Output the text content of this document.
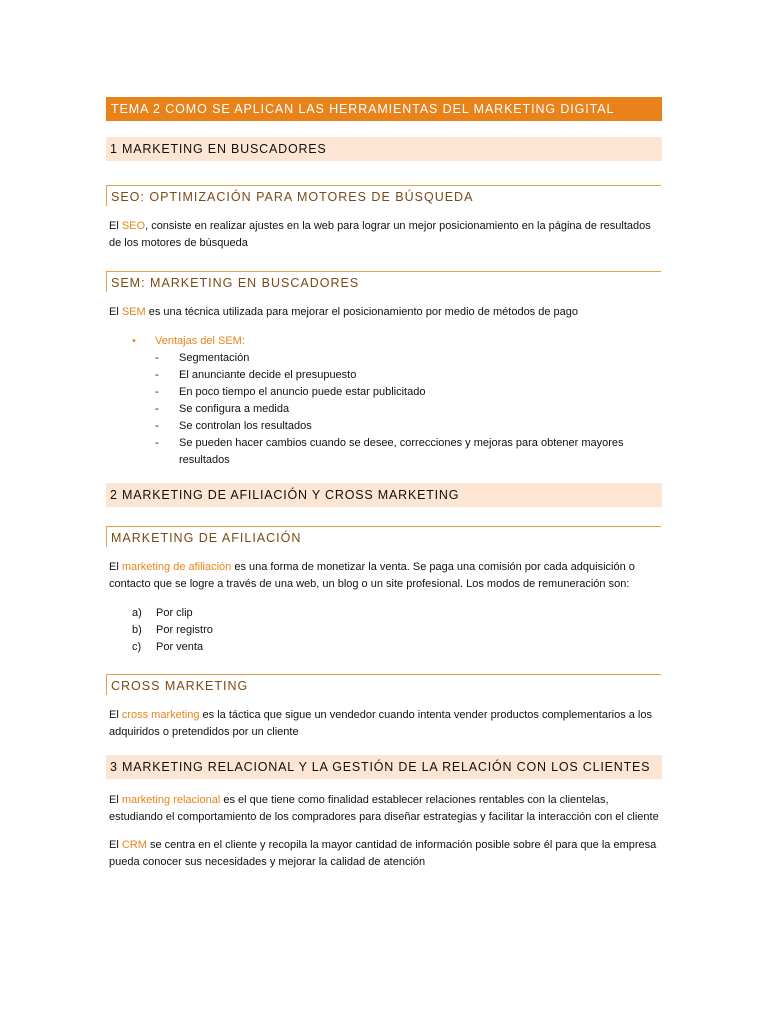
TEMA 2 COMO SE APLICAN LAS HERRAMIENTAS DEL MARKETING DIGITAL
1 MARKETING EN BUSCADORES
SEO: OPTIMIZACIÓN PARA MOTORES DE BÚSQUEDA

El SEO, consiste en realizar ajustes en la web para lograr un mejor posicionamiento en la página de resultados de los motores de búsqueda

SEM: MARKETING EN BUSCADORES

El SEM es una técnica utilizada para mejorar el posicionamiento por medio de métodos de pago

• Ventajas del SEM:
- Segmentación
- El anunciante decide el presupuesto
- En poco tiempo el anuncio puede estar publicitado
- Se configura a medida
- Se controlan los resultados
- Se pueden hacer cambios cuando se desee, correcciones y mejoras para obtener mayores resultados
2 MARKETING DE AFILIACIÓN Y CROSS MARKETING
MARKETING DE AFILIACIÓN

El marketing de afiliación es una forma de monetizar la venta. Se paga una comisión por cada adquisición o contacto que se logre a través de una web, un blog o un site profesional. Los modos de remuneración son:

a) Por clip
b) Por registro
c) Por venta
CROSS MARKETING

El cross marketing es la táctica que sigue un vendedor cuando intenta vender productos complementarios a los adquiridos o pretendidos por un cliente

3 MARKETING RELACIONAL Y LA GESTIÓN DE LA RELACIÓN CON LOS CLIENTES

El marketing relacional es el que tiene como finalidad establecer relaciones rentables con la clientelas, estudiando el comportamiento de los compradores para diseñar estrategias y facilitar la interacción con el cliente

El CRM se centra en el cliente y recopila la mayor cantidad de información posible sobre él para que la empresa pueda conocer sus necesidades y mejorar la calidad de atención
